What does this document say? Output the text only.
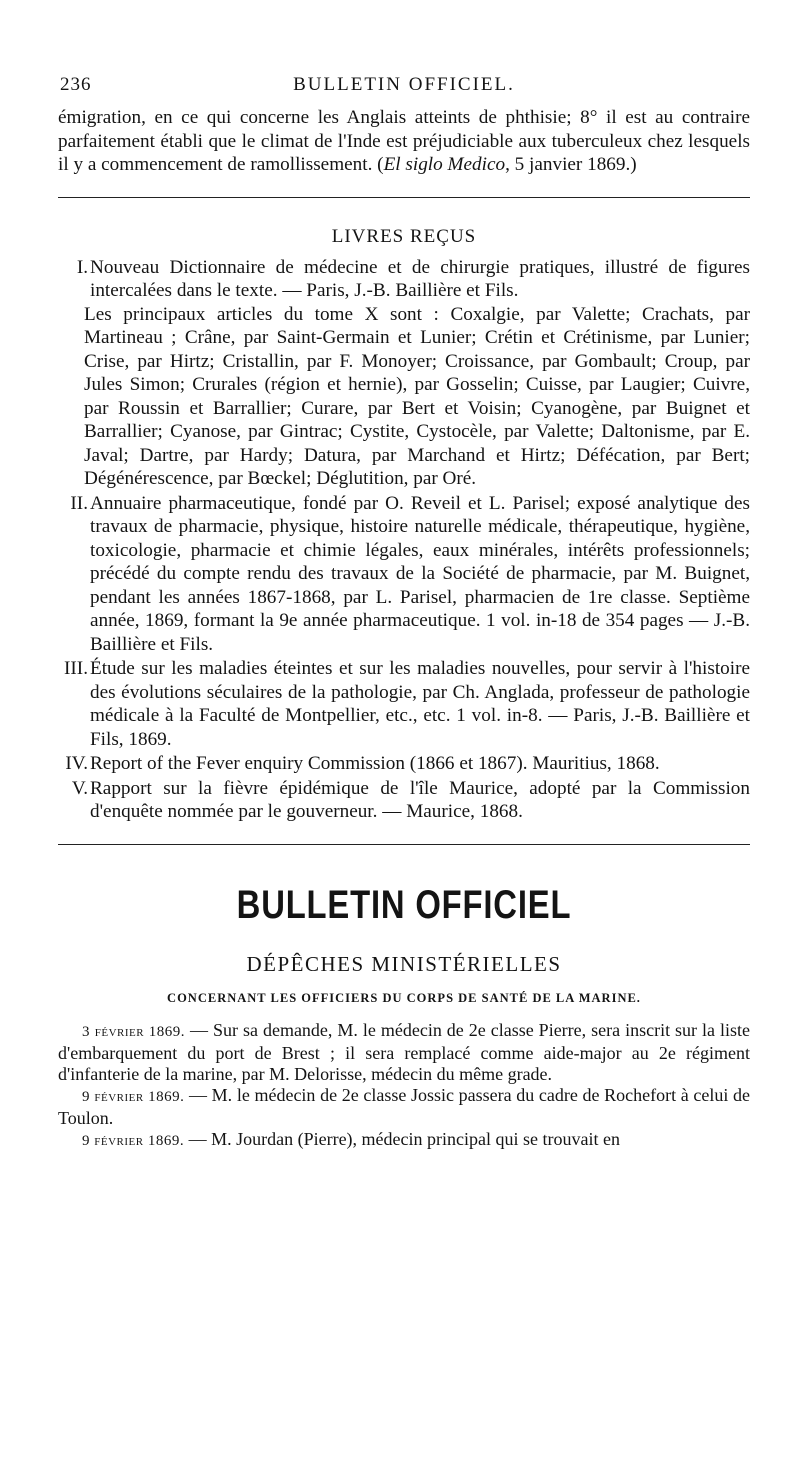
236	BULLETIN OFFICIEL.

émigration, en ce qui concerne les Anglais atteints de phthisie; 8° il est au contraire parfaitement établi que le climat de l'Inde est préjudiciable aux tuberculeux chez lesquels il y a commencement de ramollissement. (El siglo Medico, 5 janvier 1869.)

LIVRES REÇUS
I. Nouveau Dictionnaire de médecine et de chirurgie pratiques, illustré de figures intercalées dans le texte. — Paris, J.-B. Baillière et Fils.

Les principaux articles du tome X sont : Coxalgie, par Valette; Crachats, par Martineau ; Crâne, par Saint-Germain et Lunier; Crétin et Crétinisme, par Lunier; Crise, par Hirtz; Cristallin, par F. Monoyer; Croissance, par Gombault; Croup, par Jules Simon; Crurales (région et hernie), par Gosselin; Cuisse, par Laugier; Cuivre, par Roussin et Barrallier; Curare, par Bert et Voisin; Cyanogène, par Buignet et Barrallier; Cyanose, par Gintrac; Cystite, Cystocèle, par Valette; Daltonisme, par E. Javal; Dartre, par Hardy; Datura, par Marchand et Hirtz; Défécation, par Bert; Dégénérescence, par Bœckel; Déglutition, par Oré.

II. Annuaire pharmaceutique, fondé par O. Reveil et L. Parisel; exposé analytique des travaux de pharmacie, physique, histoire naturelle médicale, thérapeutique, hygiène, toxicologie, pharmacie et chimie légales, eaux minérales, intérêts professionnels; précédé du compte rendu des travaux de la Société de pharmacie, par M. Buignet, pendant les années 1867-1868, par L. Parisel, pharmacien de 1re classe. Septième année, 1869, formant la 9e année pharmaceutique. 1 vol. in-18 de 354 pages — J.-B. Baillière et Fils.

III. Étude sur les maladies éteintes et sur les maladies nouvelles, pour servir à l'histoire des évolutions séculaires de la pathologie, par Ch. Anglada, professeur de pathologie médicale à la Faculté de Montpellier, etc., etc. 1 vol. in-8. — Paris, J.-B. Baillière et Fils, 1869.

IV. Report of the Fever enquiry Commission (1866 et 1867). Mauritius, 1868.

V. Rapport sur la fièvre épidémique de l'île Maurice, adopté par la Commission d'enquête nommée par le gouverneur. — Maurice, 1868.

BULLETIN OFFICIEL
DÉPÊCHES MINISTÉRIELLES
CONCERNANT LES OFFICIERS DU CORPS DE SANTÉ DE LA MARINE.

3 février 1869. — Sur sa demande, M. le médecin de 2e classe Pierre, sera inscrit sur la liste d'embarquement du port de Brest ; il sera remplacé comme aide-major au 2e régiment d'infanterie de la marine, par M. Delorisse, médecin du même grade.

9 février 1869. — M. le médecin de 2e classe Jossic passera du cadre de Rochefort à celui de Toulon.

9 février 1869. — M. Jourdan (Pierre), médecin principal qui se trouvait en
